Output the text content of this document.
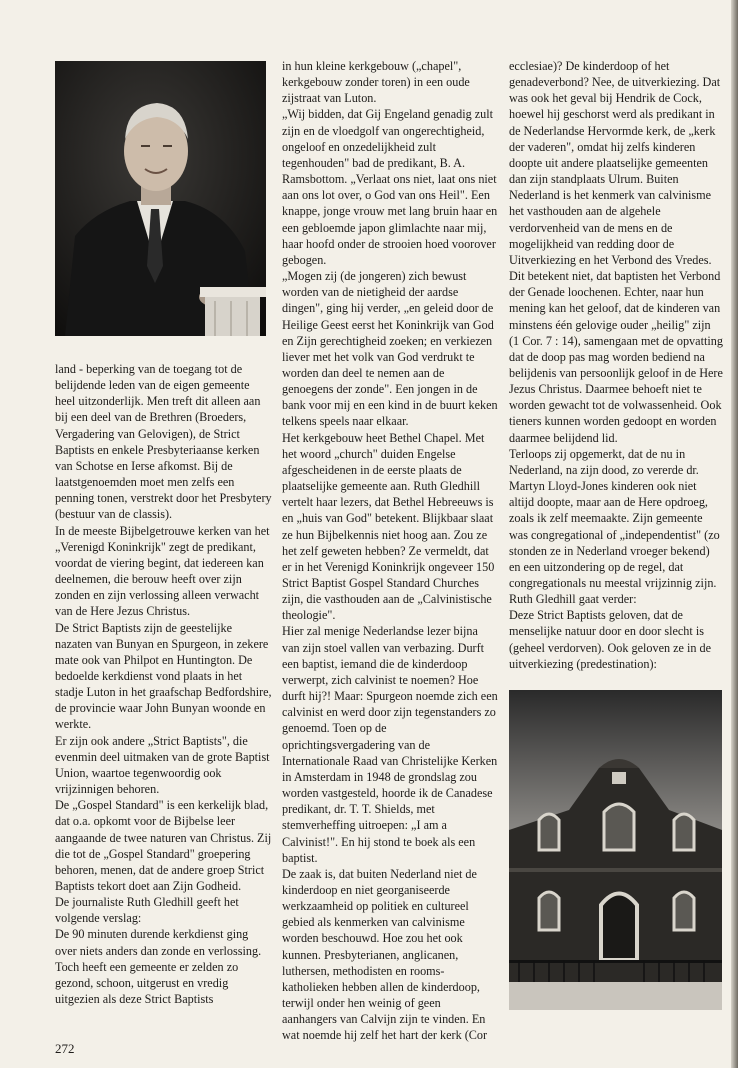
land - beperking van de toegang tot de belijdende leden van de eigen gemeente heel uitzonderlijk. Men treft dit alleen aan bij een deel van de Brethren (Broeders, Vergadering van Gelovigen), de Strict Baptists en enkele Presbyteriaanse kerken van Schotse en Ierse afkomst. Bij de laatstgenoemden moet men zelfs een penning tonen, verstrekt door het Presbytery (bestuur van de classis).

In de meeste Bijbelgetrouwe kerken van het „Verenigd Koninkrijk" zegt de predikant, voordat de viering begint, dat iedereen kan deelnemen, die berouw heeft over zijn zonden en zijn verlossing alleen verwacht van de Here Jezus Christus.

De Strict Baptists zijn de geestelijke nazaten van Bunyan en Spurgeon, in zekere mate ook van Philpot en Huntington. De bedoelde kerkdienst vond plaats in het stadje Luton in het graafschap Bedfordshire, de provincie waar John Bunyan woonde en werkte.

Er zijn ook andere „Strict Baptists", die evenmin deel uitmaken van de grote Baptist Union, waartoe tegenwoordig ook vrijzinnigen behoren.

De „Gospel Standard" is een kerkelijk blad, dat o.a. opkomt voor de Bijbelse leer aangaande de twee naturen van Christus. Zij die tot de „Gospel Standard" groepering behoren, menen, dat de andere groep Strict Baptists tekort doet aan Zijn Godheid.

De journaliste Ruth Gledhill geeft het volgende verslag:

De 90 minuten durende kerkdienst ging over niets anders dan zonde en verlossing. Toch heeft een gemeente er zelden zo gezond, schoon, uitgerust en vredig uitgezien als deze Strict Baptists

in hun kleine kerkgebouw („chapel", kerkgebouw zonder toren) in een oude zijstraat van Luton.

„Wij bidden, dat Gij Engeland genadig zult zijn en de vloedgolf van ongerechtigheid, ongeloof en onzedelijkheid zult tegenhouden" bad de predikant, B. A. Ramsbottom. „Verlaat ons niet, laat ons niet aan ons lot over, o God van ons Heil". Een knappe, jonge vrouw met lang bruin haar en een gebloemde japon glimlachte naar mij, haar hoofd onder de strooien hoed voorover gebogen.

„Mogen zij (de jongeren) zich bewust worden van de nietigheid der aardse dingen", ging hij verder, „en geleid door de Heilige Geest eerst het Koninkrijk van God en Zijn gerechtigheid zoeken; en verkiezen liever met het volk van God verdrukt te worden dan deel te nemen aan de genoegens der zonde". Een jongen in de bank voor mij en een kind in de buurt keken telkens speels naar elkaar.

Het kerkgebouw heet Bethel Chapel. Met het woord „church" duiden Engelse afgescheidenen in de eerste plaats de plaatselijke gemeente aan. Ruth Gledhill vertelt haar lezers, dat Bethel Hebreeuws is en „huis van God" betekent. Blijkbaar slaat ze hun Bijbelkennis niet hoog aan. Zou ze het zelf geweten hebben? Ze vermeldt, dat er in het Verenigd Koninkrijk ongeveer 150 Strict Baptist Gospel Standard Churches zijn, die vasthouden aan de „Calvinistische theologie".

Hier zal menige Nederlandse lezer bijna van zijn stoel vallen van verbazing. Durft een baptist, iemand die de kinderdoop verwerpt, zich calvinist te noemen? Hoe durft hij?! Maar: Spurgeon noemde zich een calvinist en werd door zijn tegenstanders zo genoemd. Toen op de oprichtingsvergadering van de Internationale Raad van Christelijke Kerken in Amsterdam in 1948 de grondslag zou worden vastgesteld, hoorde ik de Canadese predikant, dr. T. T. Shields, met stemverheffing uitroepen: „I am a Calvinist!". En hij stond te boek als een baptist.

De zaak is, dat buiten Nederland niet de kinderdoop en niet georganiseerde werkzaamheid op politiek en cultureel gebied als kenmerken van calvinisme worden beschouwd. Hoe zou het ook kunnen. Presbyterianen, anglicanen, luthersen, methodisten en rooms-katholieken hebben allen de kinderdoop, terwijl onder hen weinig of geen aanhangers van Calvijn zijn te vinden. En wat noemde hij zelf het hart der kerk (Cor

ecclesiae)? De kinderdoop of het genadeverbond? Nee, de uitverkiezing. Dat was ook het geval bij Hendrik de Cock, hoewel hij geschorst werd als predikant in de Nederlandse Hervormde kerk, de „kerk der vaderen", omdat hij zelfs kinderen doopte uit andere plaatselijke gemeenten dan zijn standplaats Ulrum. Buiten Nederland is het kenmerk van calvinisme het vasthouden aan de algehele verdorvenheid van de mens en de mogelijkheid van redding door de Uitverkiezing en het Verbond des Vredes. Dit betekent niet, dat baptisten het Verbond der Genade loochenen. Echter, naar hun mening kan het geloof, dat de kinderen van minstens één gelovige ouder „heilig" zijn (1 Cor. 7 : 14), samengaan met de opvatting dat de doop pas mag worden bediend na belijdenis van persoonlijk geloof in de Here Jezus Christus. Daarmee behoeft niet te worden gewacht tot de volwassenheid. Ook tieners kunnen worden gedoopt en worden daarmee belijdend lid.

Terloops zij opgemerkt, dat de nu in Nederland, na zijn dood, zo vererde dr. Martyn Lloyd-Jones kinderen ook niet altijd doopte, maar aan de Here opdroeg, zoals ik zelf meemaakte. Zijn gemeente was congregational of „independentist" (zo stonden ze in Nederland vroeger bekend) en een uitzondering op de regel, dat congregationals nu meestal vrijzinnig zijn.

Ruth Gledhill gaat verder:

Deze Strict Baptists geloven, dat de menselijke natuur door en door slecht is (geheel verdorven). Ook geloven ze in de uitverkiezing (predestination):

272
